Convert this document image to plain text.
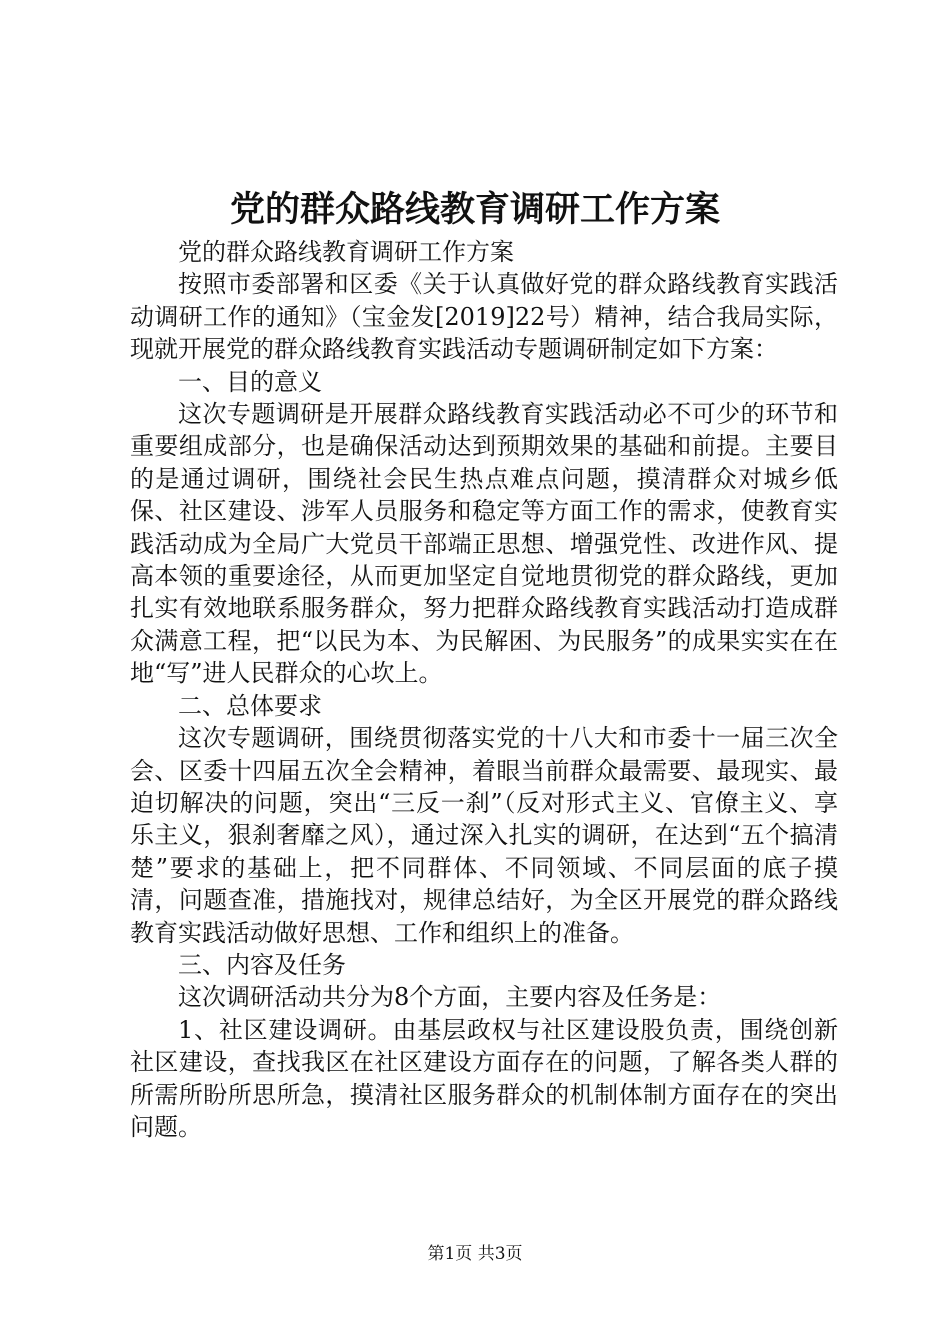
党的群众路线教育调研工作方案

党的群众路线教育调研工作方案

按照市委部署和区委《关于认真做好党的群众路线教育实践活动调研工作的通知》（宝金发[2019]22号）精神，结合我局实际，现就开展党的群众路线教育实践活动专题调研制定如下方案：

一、目的意义

这次专题调研是开展群众路线教育实践活动必不可少的环节和重要组成部分，也是确保活动达到预期效果的基础和前提。主要目的是通过调研，围绕社会民生热点难点问题，摸清群众对城乡低保、社区建设、涉军人员服务和稳定等方面工作的需求，使教育实践活动成为全局广大党员干部端正思想、增强党性、改进作风、提高本领的重要途径，从而更加坚定自觉地贯彻党的群众路线，更加扎实有效地联系服务群众，努力把群众路线教育实践活动打造成群众满意工程，把“以民为本、为民解困、为民服务”的成果实实在在地“写”进人民群众的心坎上。

二、总体要求

这次专题调研，围绕贯彻落实党的十八大和市委十一届三次全会、区委十四届五次全会精神，着眼当前群众最需要、最现实、最迫切解决的问题，突出“三反一刹”（反对形式主义、官僚主义、享乐主义，狠刹奢靡之风），通过深入扎实的调研，在达到“五个搞清楚”要求的基础上，把不同群体、不同领域、不同层面的底子摸清，问题查准，措施找对，规律总结好，为全区开展党的群众路线教育实践活动做好思想、工作和组织上的准备。

三、内容及任务

这次调研活动共分为8个方面，主要内容及任务是：

1、社区建设调研。由基层政权与社区建设股负责，围绕创新社区建设，查找我区在社区建设方面存在的问题，了解各类人群的所需所盼所思所急，摸清社区服务群众的机制体制方面存在的突出问题。

第1页 共3页
